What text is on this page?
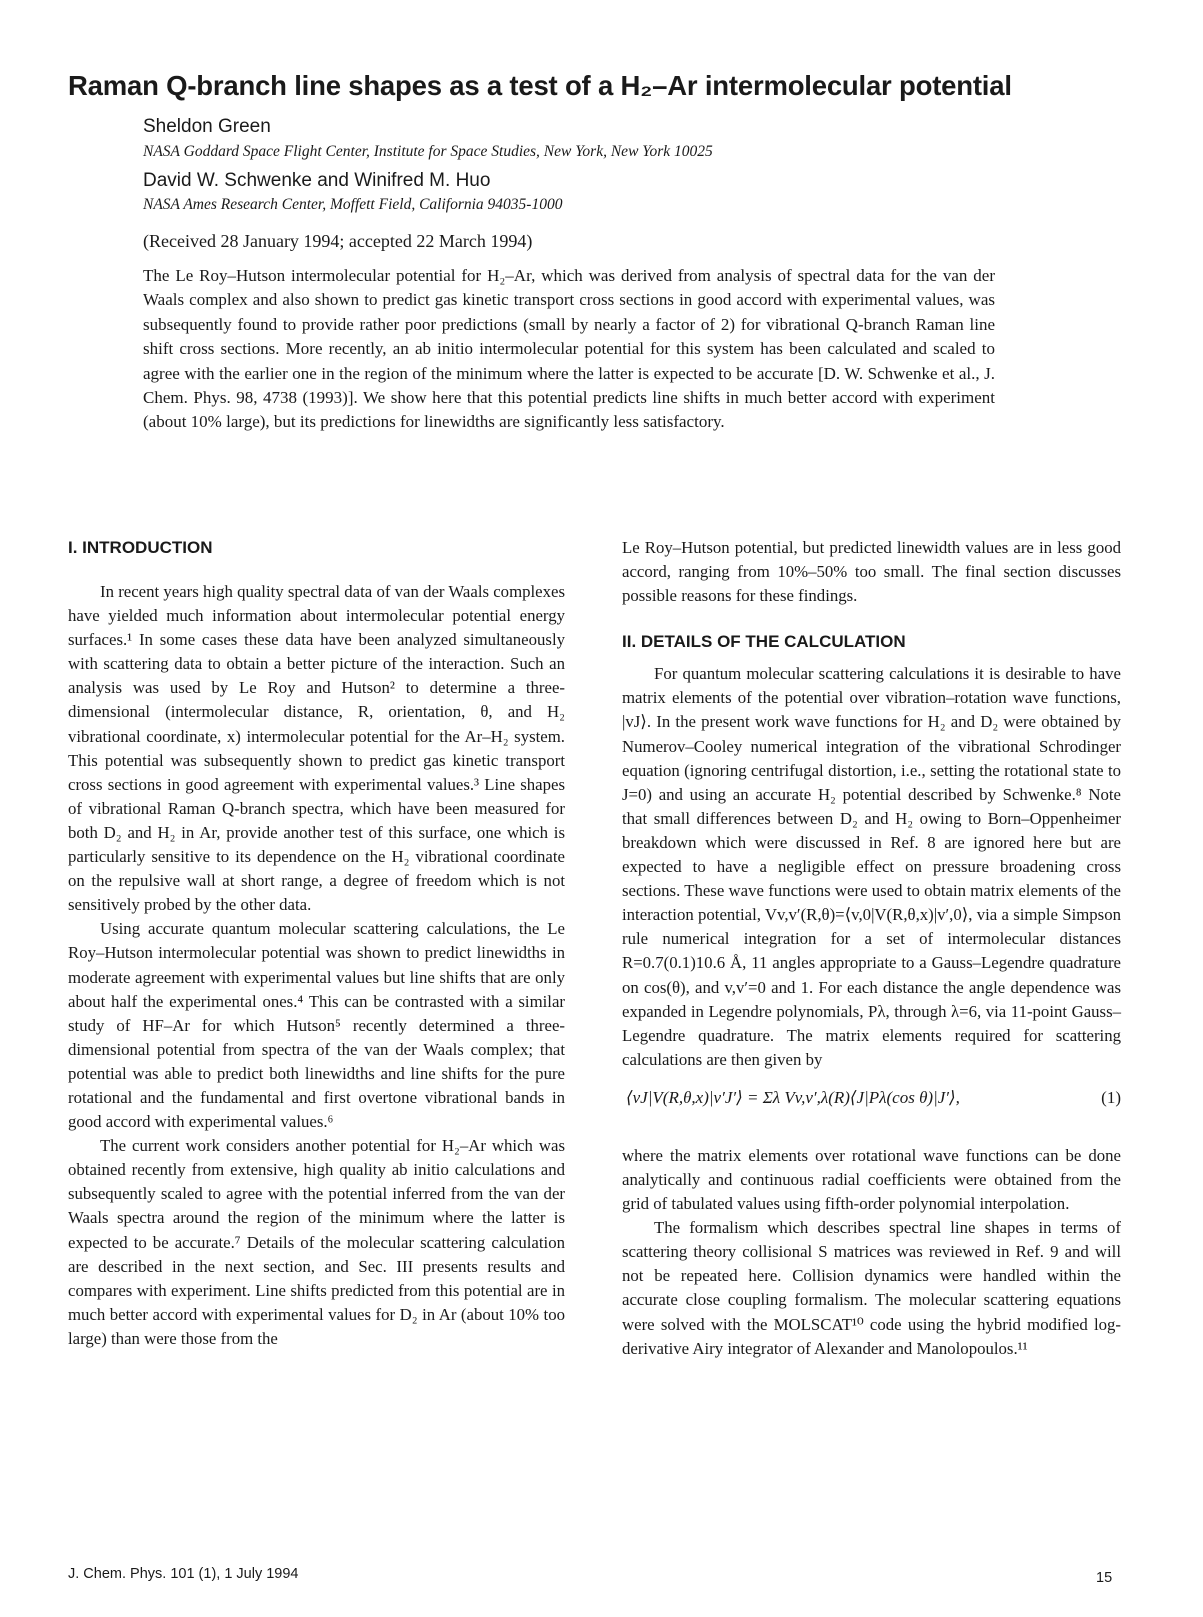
Raman Q-branch line shapes as a test of a H₂–Ar intermolecular potential
Sheldon Green
NASA Goddard Space Flight Center, Institute for Space Studies, New York, New York 10025
David W. Schwenke and Winifred M. Huo
NASA Ames Research Center, Moffett Field, California 94035-1000
(Received 28 January 1994; accepted 22 March 1994)

The Le Roy–Hutson intermolecular potential for H₂–Ar, which was derived from analysis of spectral data for the van der Waals complex and also shown to predict gas kinetic transport cross sections in good accord with experimental values, was subsequently found to provide rather poor predictions (small by nearly a factor of 2) for vibrational Q-branch Raman line shift cross sections. More recently, an ab initio intermolecular potential for this system has been calculated and scaled to agree with the earlier one in the region of the minimum where the latter is expected to be accurate [D. W. Schwenke et al., J. Chem. Phys. 98, 4738 (1993)]. We show here that this potential predicts line shifts in much better accord with experiment (about 10% large), but its predictions for linewidths are significantly less satisfactory.

I. INTRODUCTION

In recent years high quality spectral data of van der Waals complexes have yielded much information about intermolecular potential energy surfaces.¹ In some cases these data have been analyzed simultaneously with scattering data to obtain a better picture of the interaction. Such an analysis was used by Le Roy and Hutson² to determine a three-dimensional (intermolecular distance, R, orientation, θ, and H₂ vibrational coordinate, x) intermolecular potential for the Ar–H₂ system. This potential was subsequently shown to predict gas kinetic transport cross sections in good agreement with experimental values.³ Line shapes of vibrational Raman Q-branch spectra, which have been measured for both D₂ and H₂ in Ar, provide another test of this surface, one which is particularly sensitive to its dependence on the H₂ vibrational coordinate on the repulsive wall at short range, a degree of freedom which is not sensitively probed by the other data.

Using accurate quantum molecular scattering calculations, the Le Roy–Hutson intermolecular potential was shown to predict linewidths in moderate agreement with experimental values but line shifts that are only about half the experimental ones.⁴ This can be contrasted with a similar study of HF–Ar for which Hutson⁵ recently determined a three-dimensional potential from spectra of the van der Waals complex; that potential was able to predict both linewidths and line shifts for the pure rotational and the fundamental and first overtone vibrational bands in good accord with experimental values.⁶

The current work considers another potential for H₂–Ar which was obtained recently from extensive, high quality ab initio calculations and subsequently scaled to agree with the potential inferred from the van der Waals spectra around the region of the minimum where the latter is expected to be accurate.⁷ Details of the molecular scattering calculation are described in the next section, and Sec. III presents results and compares with experiment. Line shifts predicted from this potential are in much better accord with experimental values for D₂ in Ar (about 10% too large) than were those from the

Le Roy–Hutson potential, but predicted linewidth values are in less good accord, ranging from 10%–50% too small. The final section discusses possible reasons for these findings.

II. DETAILS OF THE CALCULATION

For quantum molecular scattering calculations it is desirable to have matrix elements of the potential over vibration–rotation wave functions, |vJ⟩. In the present work wave functions for H₂ and D₂ were obtained by Numerov–Cooley numerical integration of the vibrational Schrodinger equation (ignoring centrifugal distortion, i.e., setting the rotational state to J=0) and using an accurate H₂ potential described by Schwenke.⁸ Note that small differences between D₂ and H₂ owing to Born–Oppenheimer breakdown which were discussed in Ref. 8 are ignored here but are expected to have a negligible effect on pressure broadening cross sections. These wave functions were used to obtain matrix elements of the interaction potential, Vv,v′(R,θ)=⟨v,0|V(R,θ,x)|v′,0⟩, via a simple Simpson rule numerical integration for a set of intermolecular distances R=0.7(0.1)10.6 Å, 11 angles appropriate to a Gauss–Legendre quadrature on cos(θ), and v,v′=0 and 1. For each distance the angle dependence was expanded in Legendre polynomials, Pλ, through λ=6, via 11-point Gauss–Legendre quadrature. The matrix elements required for scattering calculations are then given by

⟨vJ|V(R,θ,x)|v′J′⟩ = Σλ Vv,v′,λ(R)⟨J|Pλ(cos θ)|J′⟩,	(1)

where the matrix elements over rotational wave functions can be done analytically and continuous radial coefficients were obtained from the grid of tabulated values using fifth-order polynomial interpolation.

The formalism which describes spectral line shapes in terms of scattering theory collisional S matrices was reviewed in Ref. 9 and will not be repeated here. Collision dynamics were handled within the accurate close coupling formalism. The molecular scattering equations were solved with the MOLSCAT¹⁰ code using the hybrid modified log-derivative Airy integrator of Alexander and Manolopoulos.¹¹

J. Chem. Phys. 101 (1), 1 July 1994	15
